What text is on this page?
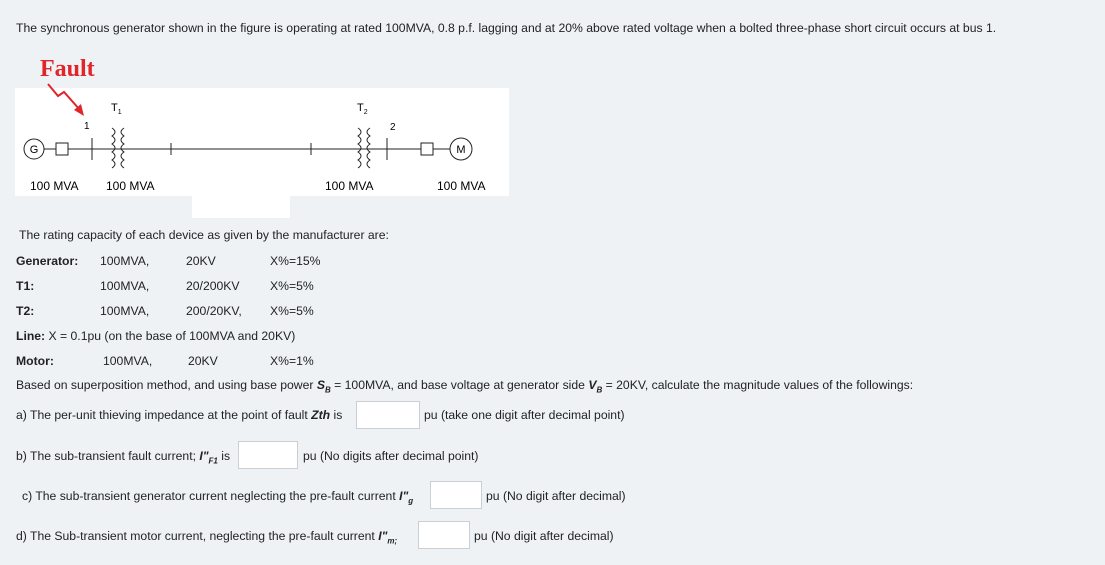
The synchronous generator shown in the figure is operating at rated 100MVA, 0.8 p.f. lagging and at 20% above rated voltage when a bolted three-phase short circuit occurs at bus 1.
G
1
$T_1$	$T_2$
2
M
100 MVA 100 MVA	100 MVA	100 MVA
Fault
The rating capacity of each device as given by the manufacturer are:
Generator: 100MVA,	20KV	X%=15%
T1:	100MVA,	20/200KV X%=5%
T2:	100MVA,	200/20KV, X%=5%
Line: X = 0.1pu (on the base of 100MVA and 20KV)
Motor:	100MVA,	20KV	X%=1%
Based on superposition method, and using base power $S_B = 100MVA$, and base voltage at generator side $V_B = 20KV$, calculate the magnitude values of the followings:
a) The per-unit thieving impedance at the point of fault Zth is	pu (take one digit after decimal point)
b) The sub-transient fault current; $I"_{F1}$ is	pu (No digits after decimal point)
c) The sub-transient generator current neglecting the pre-fault current $I"_g$	pu (No digit after decimal)
d) The Sub-transient motor current, neglecting the pre-fault current $I"_{m;}$	pu (No digit after decimal)
